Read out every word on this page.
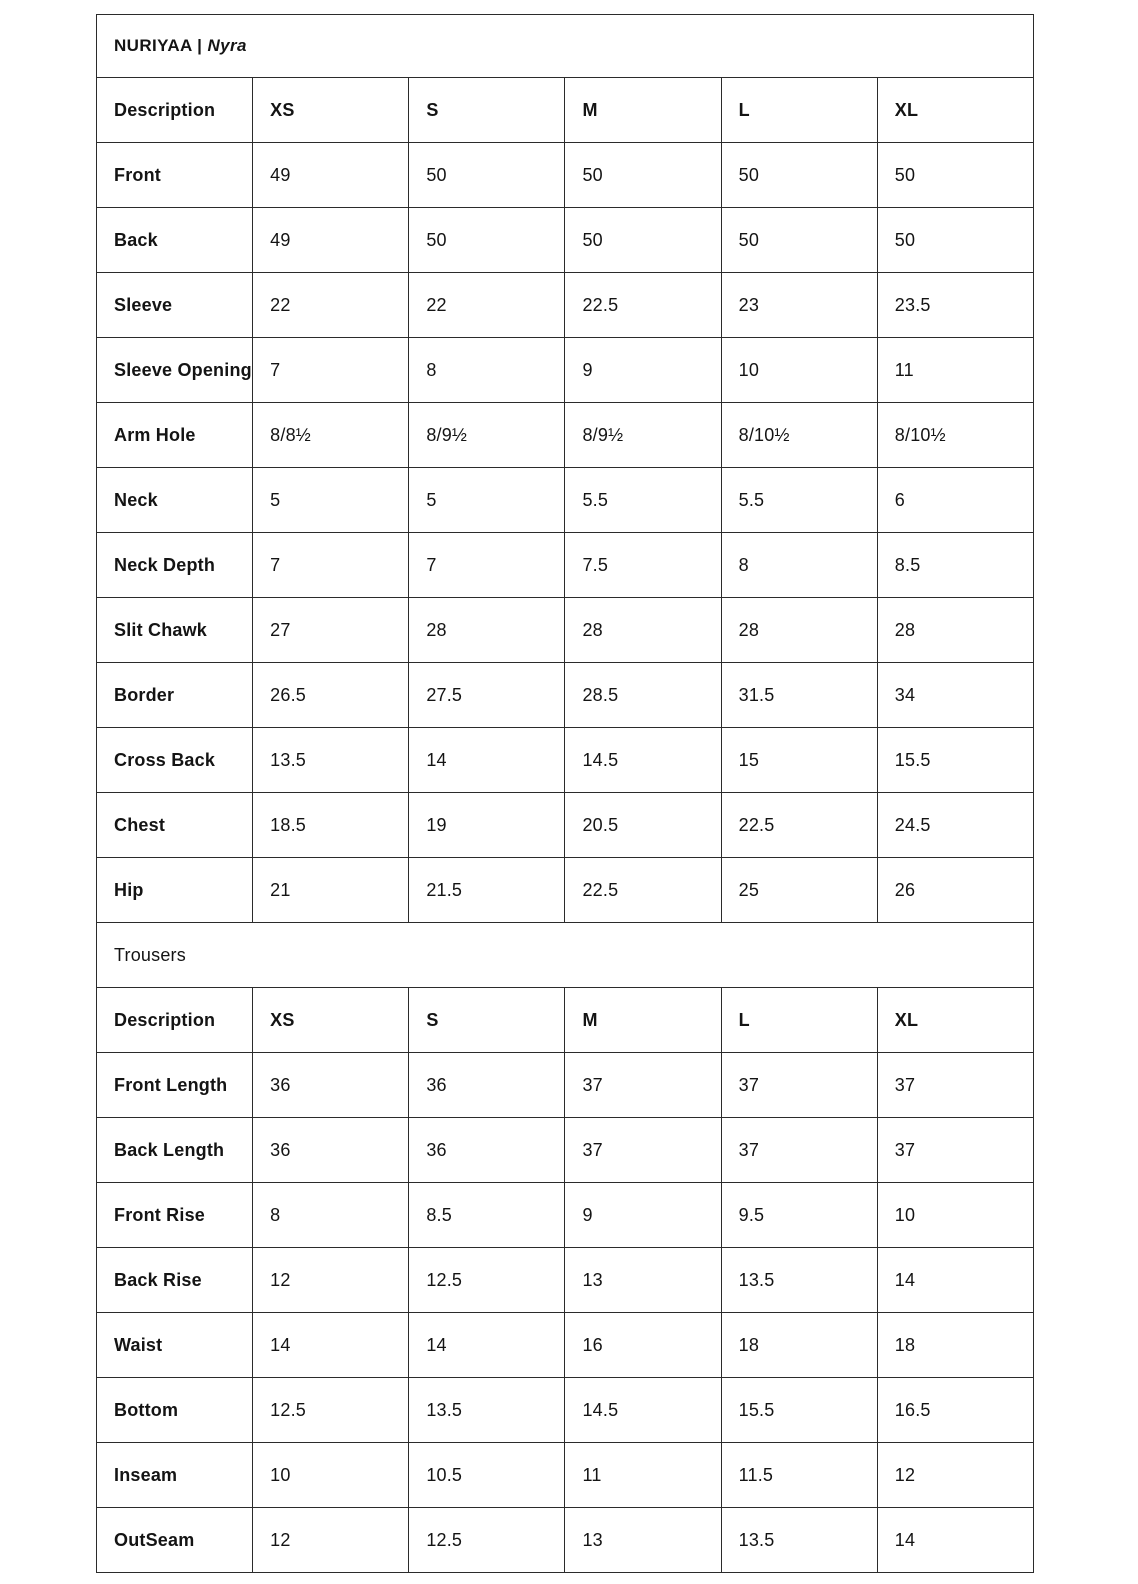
NURIYAA | Nyra					
Description	XS	S	M	L	XL
Front	49	50	50	50	50
Back	49	50	50	50	50
Sleeve	22	22	22.5	23	23.5
Sleeve Opening	7	8	9	10	11
Arm Hole	8/8½	8/9½	8/9½	8/10½	8/10½
Neck	5	5	5.5	5.5	6
Neck Depth	7	7	7.5	8	8.5
Slit Chawk	27	28	28	28	28
Border	26.5	27.5	28.5	31.5	34
Cross Back	13.5	14	14.5	15	15.5
Chest	18.5	19	20.5	22.5	24.5
Hip	21	21.5	22.5	25	26
Trousers					
Description	XS	S	M	L	XL
Front Length	36	36	37	37	37
Back Length	36	36	37	37	37
Front Rise	8	8.5	9	9.5	10
Back Rise	12	12.5	13	13.5	14
Waist	14	14	16	18	18
Bottom	12.5	13.5	14.5	15.5	16.5
Inseam	10	10.5	11	11.5	12
OutSeam	12	12.5	13	13.5	14
